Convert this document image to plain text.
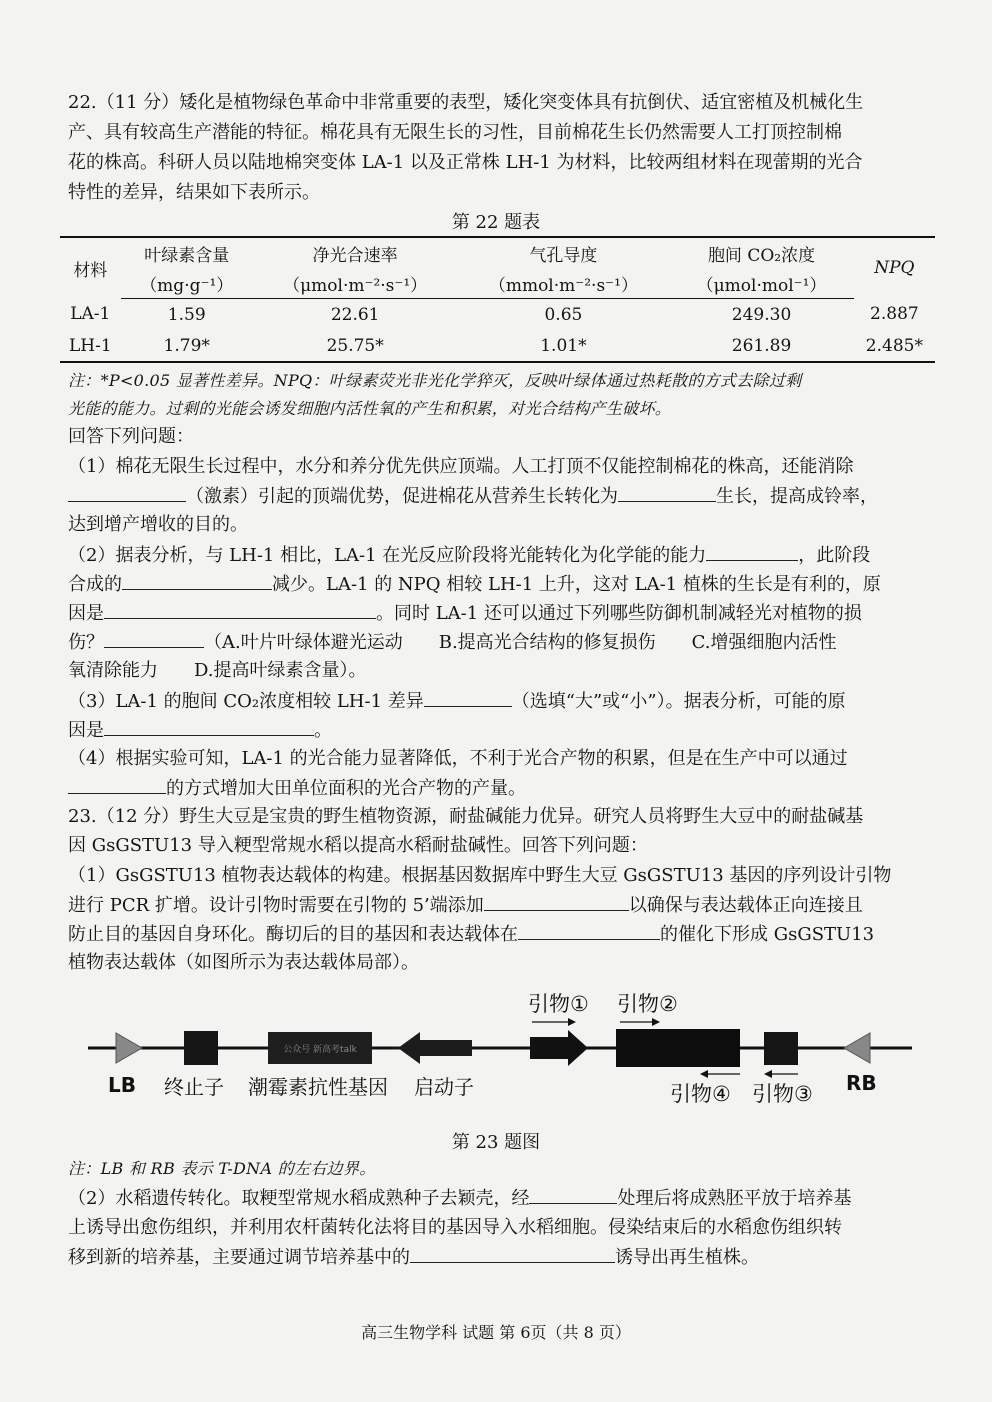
22.（11 分）矮化是植物绿色革命中非常重要的表型，矮化突变体具有抗倒伏、适宜密植及机械化生

产、具有较高生产潜能的特征。棉花具有无限生长的习性，目前棉花生长仍然需要人工打顶控制棉

花的株高。科研人员以陆地棉突变体 LA-1 以及正常株 LH-1 为材料，比较两组材料在现蕾期的光合

特性的差异，结果如下表所示。

第 22 题表
材料	叶绿素含量	净光合速率	气孔导度	胞间 CO₂浓度	NPQ
	（mg·g⁻¹）	（μmol·m⁻²·s⁻¹）	（mmol·m⁻²·s⁻¹）	（μmol·mol⁻¹）	
LA-1	1.59	22.61	0.65	249.30	2.887
LH-1	1.79*	25.75*	1.01*	261.89	2.485*

注：*P<0.05 显著性差异。NPQ：叶绿素荧光非光化学猝灭，反映叶绿体通过热耗散的方式去除过剩

光能的能力。过剩的光能会诱发细胞内活性氧的产生和积累，对光合结构产生破坏。

回答下列问题：

（1）棉花无限生长过程中，水分和养分优先供应顶端。人工打顶不仅能控制棉花的株高，还能消除

（激素）引起的顶端优势，促进棉花从营养生长转化为	生长，提高成铃率，

达到增产增收的目的。

（2）据表分析，与 LH-1 相比，LA-1 在光反应阶段将光能转化为化学能的能力	，此阶段

合成的	减少。LA-1 的 NPQ 相较 LH-1 上升，这对 LA-1 植株的生长是有利的，原

因是	。同时 LA-1 还可以通过下列哪些防御机制减轻光对植物的损

伤？	（A.叶片叶绿体避光运动　　B.提高光合结构的修复损伤　　C.增强细胞内活性

氧清除能力　　D.提高叶绿素含量）。

（3）LA-1 的胞间 CO₂浓度相较 LH-1 差异	（选填“大”或“小”）。据表分析，可能的原

因是	。

（4）根据实验可知，LA-1 的光合能力显著降低，不利于光合产物的积累，但是在生产中可以通过

的方式增加大田单位面积的光合产物的产量。

23.（12 分）野生大豆是宝贵的野生植物资源，耐盐碱能力优异。研究人员将野生大豆中的耐盐碱基

因 GsGSTU13 导入粳型常规水稻以提高水稻耐盐碱性。回答下列问题：

（1）GsGSTU13 植物表达载体的构建。根据基因数据库中野生大豆 GsGSTU13 基因的序列设计引物

进行 PCR 扩增。设计引物时需要在引物的 5’端添加	以确保与表达载体正向连接且

防止目的基因自身环化。酶切后的目的基因和表达载体在	的催化下形成 GsGSTU13

植物表达载体（如图所示为表达载体局部）。

公众号 新高考talk
引物① 引物②
引物④ 引物③
LB 终止子 潮霉素抗性基因 启动子	RB
第 23 题图

注：LB 和 RB 表示 T-DNA 的左右边界。

（2）水稻遗传转化。取粳型常规水稻成熟种子去颖壳，经	处理后将成熟胚平放于培养基

上诱导出愈伤组织，并利用农杆菌转化法将目的基因导入水稻细胞。侵染结束后的水稻愈伤组织转

移到新的培养基，主要通过调节培养基中的	诱导出再生植株。

高三生物学科 试题 第 6页（共 8 页）
